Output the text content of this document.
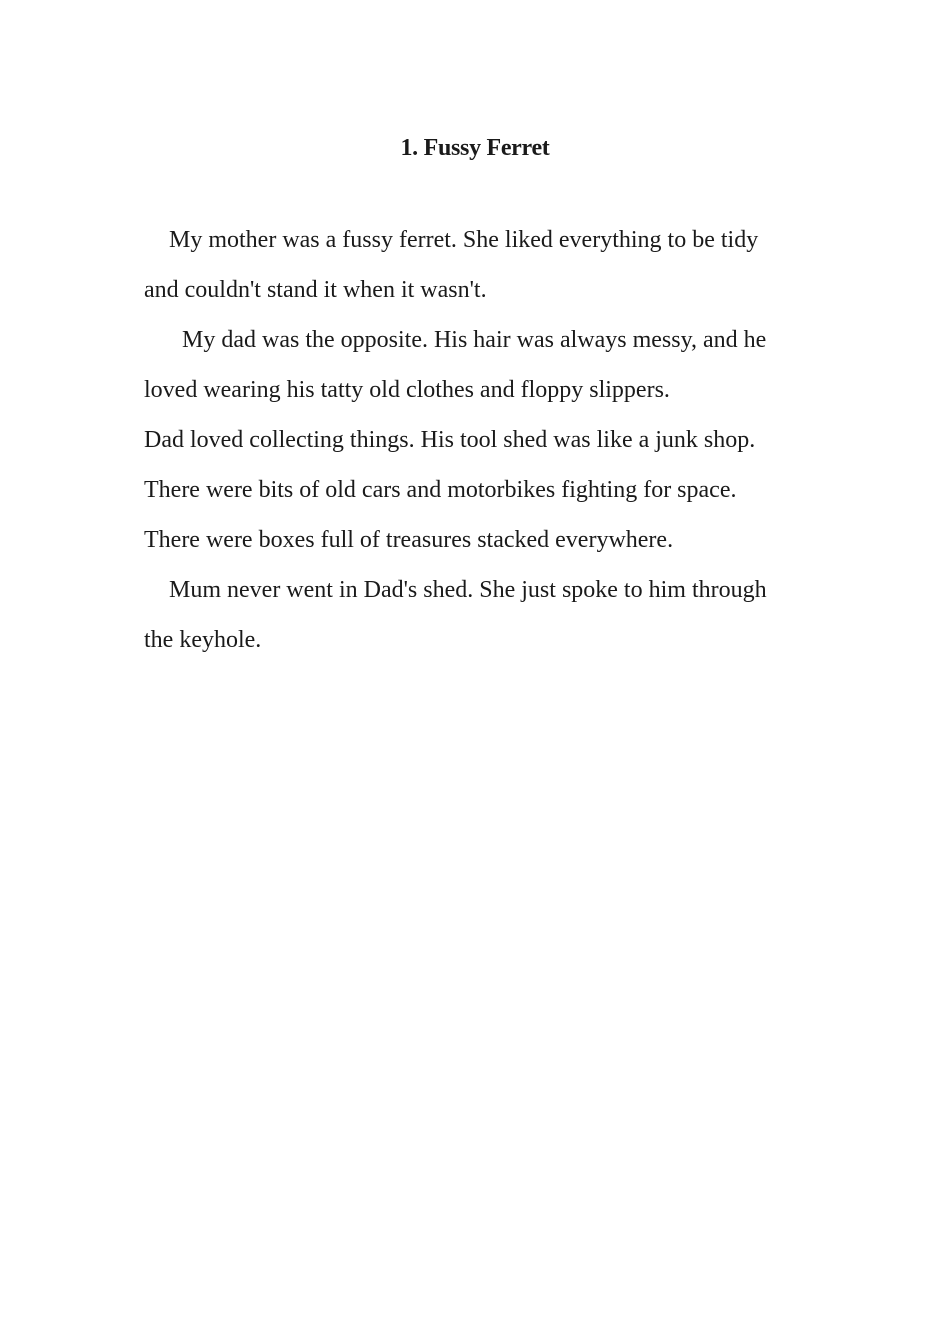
1. Fussy Ferret
My mother was a fussy ferret. She liked everything to be tidy
and couldn't stand it when it wasn't.
My dad was the opposite. His hair was always messy, and he
loved wearing his tatty old clothes and floppy slippers.
Dad loved collecting things. His tool shed was like a junk shop.
There were bits of old cars and motorbikes fighting for space.
There were boxes full of treasures stacked everywhere.
Mum never went in Dad's shed. She just spoke to him through
the keyhole.
